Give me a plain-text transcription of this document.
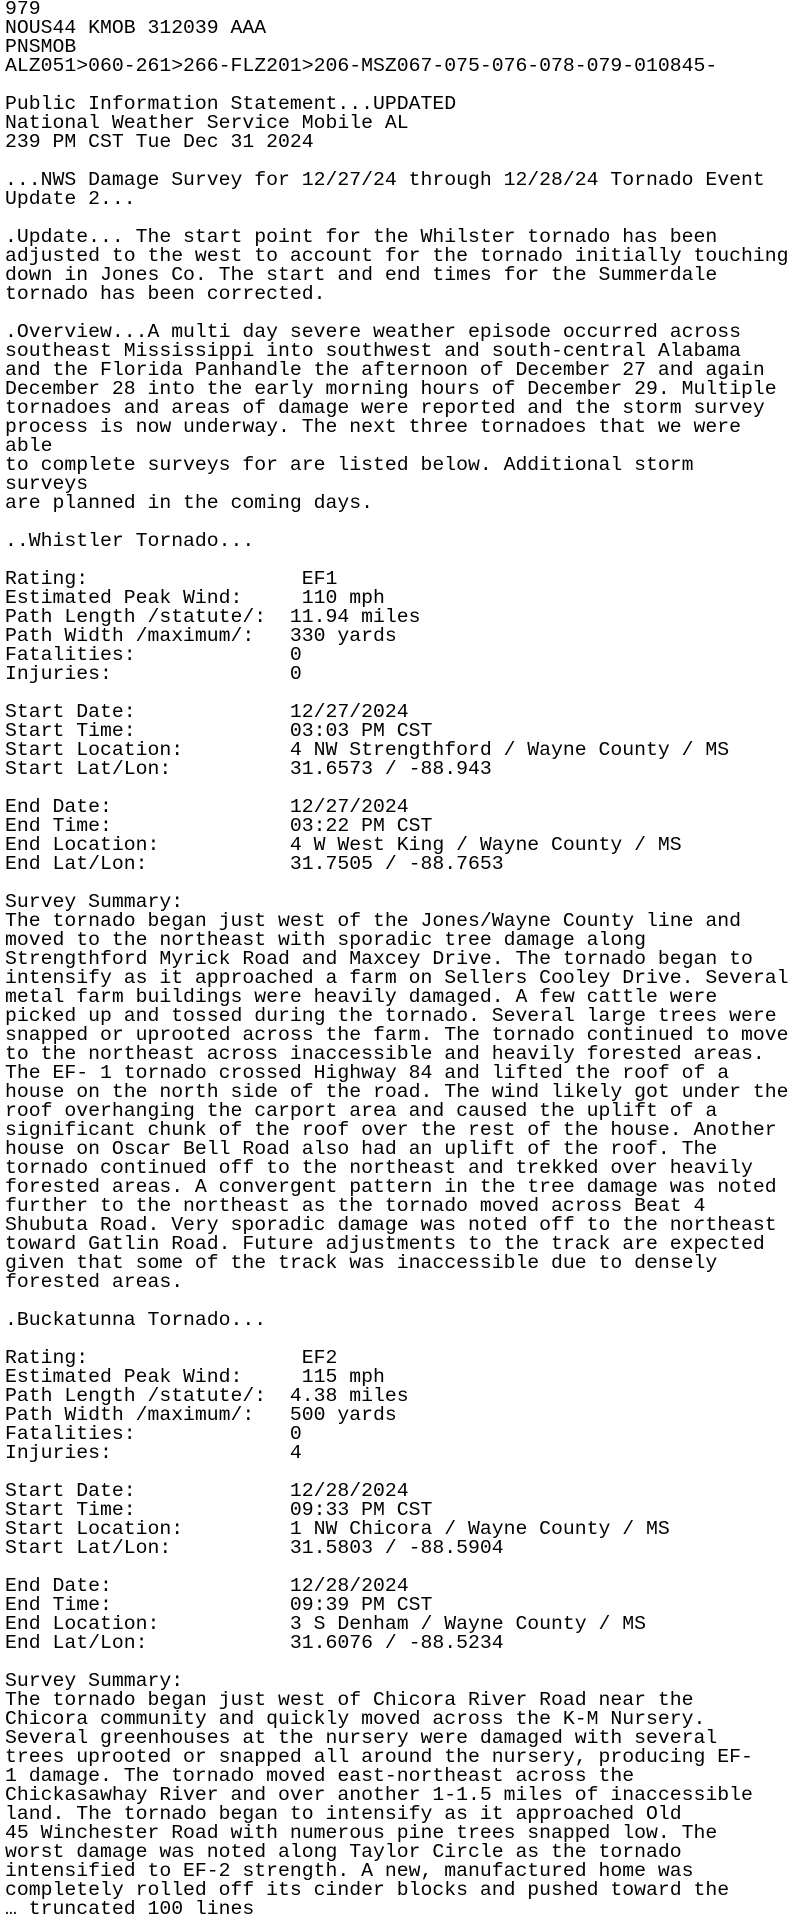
979
NOUS44 KMOB 312039 AAA
PNSMOB
ALZ051>060-261>266-FLZ201>206-MSZ067-075-076-078-079-010845-
Public Information Statement...UPDATED
National Weather Service Mobile AL
239 PM CST Tue Dec 31 2024
...NWS Damage Survey for 12/27/24 through 12/28/24 Tornado Event
Update 2...
.Update... The start point for the Whilster tornado has been
adjusted to the west to account for the tornado initially touching
down in Jones Co. The start and end times for the Summerdale
tornado has been corrected.
.Overview...A multi day severe weather episode occurred across
southeast Mississippi into southwest and south-central Alabama
and the Florida Panhandle the afternoon of December 27 and again
December 28 into the early morning hours of December 29. Multiple
tornadoes and areas of damage were reported and the storm survey
process is now underway. The next three tornadoes that we were
able
to complete surveys for are listed below. Additional storm
surveys
are planned in the coming days.
..Whistler Tornado...
Rating:                  EF1
Estimated Peak Wind:     110 mph
Path Length /statute/:  11.94 miles
Path Width /maximum/:   330 yards
Fatalities:             0
Injuries:               0
Start Date:             12/27/2024
Start Time:             03:03 PM CST
Start Location:         4 NW Strengthford / Wayne County / MS
Start Lat/Lon:          31.6573 / -88.943
End Date:               12/27/2024
End Time:               03:22 PM CST
End Location:           4 W West King / Wayne County / MS
End Lat/Lon:            31.7505 / -88.7653
Survey Summary:
The tornado began just west of the Jones/Wayne County line and
moved to the northeast with sporadic tree damage along
Strengthford Myrick Road and Maxcey Drive. The tornado began to
intensify as it approached a farm on Sellers Cooley Drive. Several
metal farm buildings were heavily damaged. A few cattle were
picked up and tossed during the tornado. Several large trees were
snapped or uprooted across the farm. The tornado continued to move
to the northeast across inaccessible and heavily forested areas.
The EF- 1 tornado crossed Highway 84 and lifted the roof of a
house on the north side of the road. The wind likely got under the
roof overhanging the carport area and caused the uplift of a
significant chunk of the roof over the rest of the house. Another
house on Oscar Bell Road also had an uplift of the roof. The
tornado continued off to the northeast and trekked over heavily
forested areas. A convergent pattern in the tree damage was noted
further to the northeast as the tornado moved across Beat 4
Shubuta Road. Very sporadic damage was noted off to the northeast
toward Gatlin Road. Future adjustments to the track are expected
given that some of the track was inaccessible due to densely
forested areas.
.Buckatunna Tornado...
Rating:                  EF2
Estimated Peak Wind:     115 mph
Path Length /statute/:  4.38 miles
Path Width /maximum/:   500 yards
Fatalities:             0
Injuries:               4
Start Date:             12/28/2024
Start Time:             09:33 PM CST
Start Location:         1 NW Chicora / Wayne County / MS
Start Lat/Lon:          31.5803 / -88.5904
End Date:               12/28/2024
End Time:               09:39 PM CST
End Location:           3 S Denham / Wayne County / MS
End Lat/Lon:            31.6076 / -88.5234
Survey Summary:
The tornado began just west of Chicora River Road near the
Chicora community and quickly moved across the K-M Nursery.
Several greenhouses at the nursery were damaged with several
trees uprooted or snapped all around the nursery, producing EF-
1 damage. The tornado moved east-northeast across the
Chickasawhay River and over another 1-1.5 miles of inaccessible
land. The tornado began to intensify as it approached Old
45 Winchester Road with numerous pine trees snapped low. The
worst damage was noted along Taylor Circle as the tornado
intensified to EF-2 strength. A new, manufactured home was
completely rolled off its cinder blocks and pushed toward the
… truncated 100 lines
